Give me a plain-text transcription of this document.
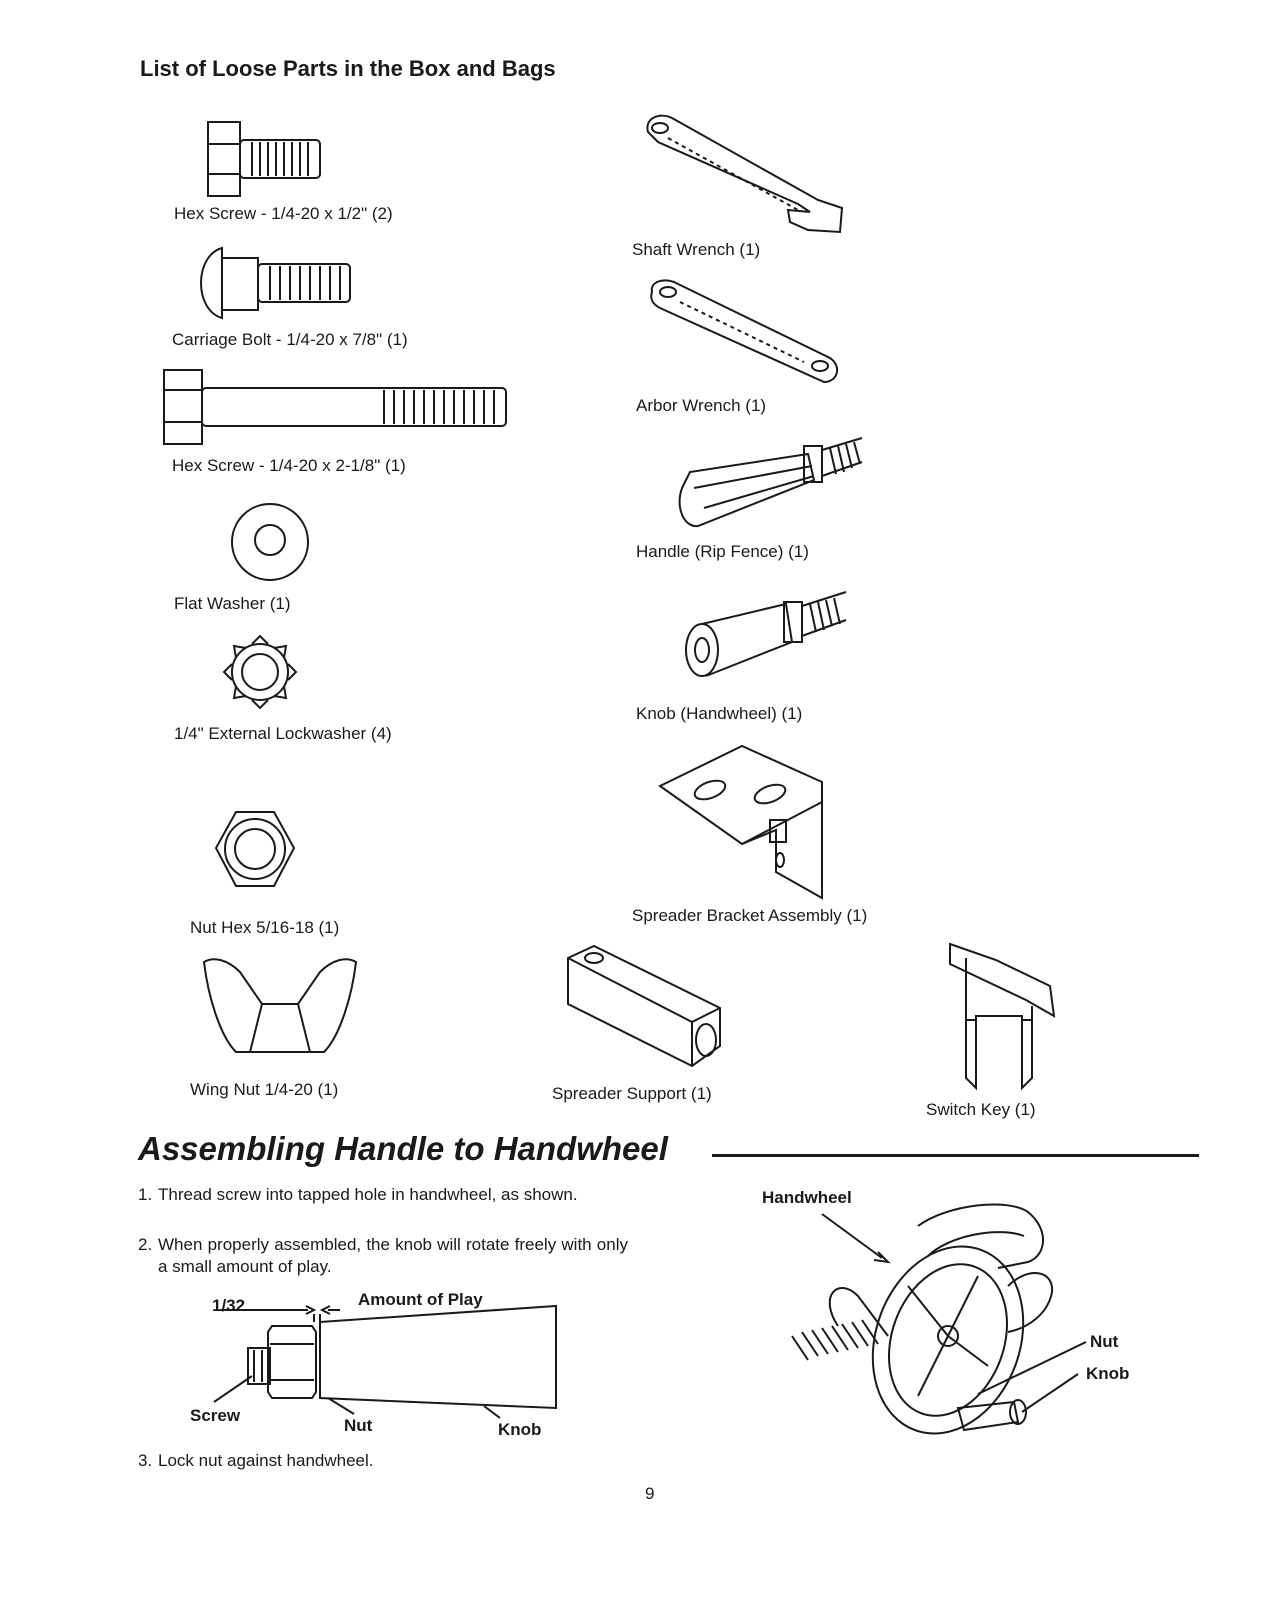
List of Loose Parts in the Box and Bags
Hex Screw - 1/4-20 x 1/2" (2)
Carriage Bolt - 1/4-20 x 7/8" (1)
Hex Screw - 1/4-20 x 2-1/8" (1)
Flat Washer (1)
1/4" External Lockwasher (4)
Nut Hex 5/16-18 (1)
Wing Nut 1/4-20 (1)
Shaft Wrench (1)
Arbor Wrench (1)
Handle (Rip Fence) (1)
Knob (Handwheel) (1)
Spreader Bracket Assembly (1)
Spreader Support (1)
Switch Key (1)
Assembling Handle to Handwheel
1. Thread screw into tapped hole in handwheel, as shown.
2. When properly assembled, the knob will rotate freely with only a small amount of play.
1/32	Amount of Play
Screw
Nut	Knob
3. Lock nut against handwheel.
Handwheel
Nut
Knob
9
